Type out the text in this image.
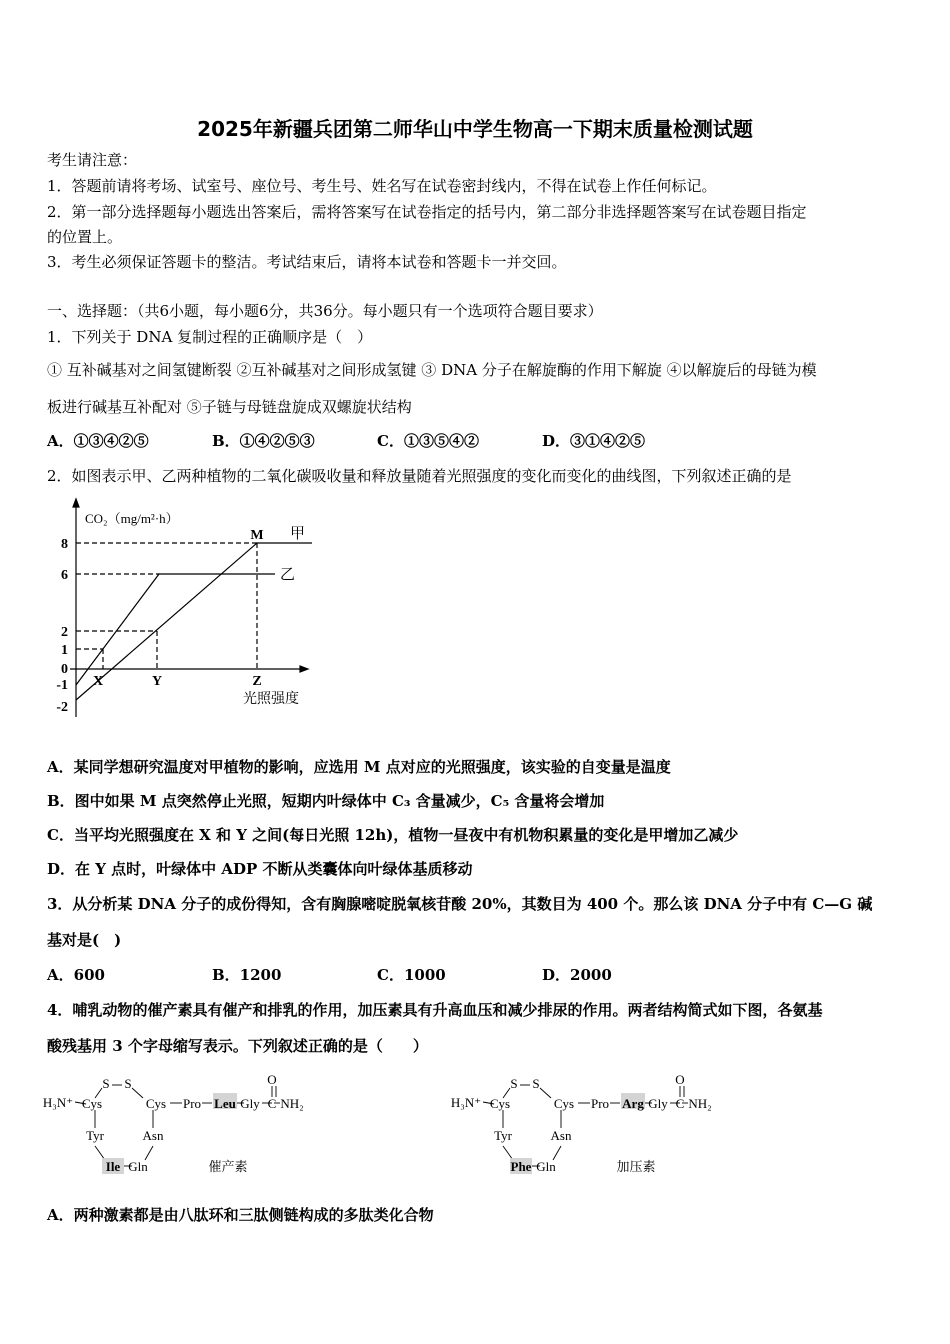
2025年新疆兵团第二师华山中学生物高一下期末质量检测试题
考生请注意：
1．答题前请将考场、试室号、座位号、考生号、姓名写在试卷密封线内，不得在试卷上作任何标记。
2．第一部分选择题每小题选出答案后，需将答案写在试卷指定的括号内，第二部分非选择题答案写在试卷题目指定
的位置上。
3．考生必须保证答题卡的整洁。考试结束后，请将本试卷和答题卡一并交回。
一、选择题：（共6小题，每小题6分，共36分。每小题只有一个选项符合题目要求）
1．下列关于 DNA 复制过程的正确顺序是（　）
① 互补碱基对之间氢键断裂 ②互补碱基对之间形成氢键 ③ DNA 分子在解旋酶的作用下解旋 ④以解旋后的母链为模
板进行碱基互补配对 ⑤子链与母链盘旋成双螺旋状结构
A．①③④②⑤	B．①④②⑤③	C．①③⑤④②	D．③①④②⑤
2．如图表示甲、乙两种植物的二氧化碳吸收量和释放量随着光照强度的变化而变化的曲线图，下列叙述正确的是
CO₂（mg/m²·h）
8
6
2
1
0
-1
-2
X	Y	Z
M 甲
乙
光照强度
A．某同学想研究温度对甲植物的影响，应选用 M 点对应的光照强度，该实验的自变量是温度
B．图中如果 M 点突然停止光照，短期内叶绿体中 C₃ 含量减少，C₅ 含量将会增加
C．当平均光照强度在 X 和 Y 之间(每日光照 12h)，植物一昼夜中有机物积累量的变化是甲增加乙减少
D．在 Y 点时，叶绿体中 ADP 不断从类囊体向叶绿体基质移动
3．从分析某 DNA 分子的成份得知，含有胸腺嘧啶脱氧核苷酸 20%，其数目为 400 个。那么该 DNA 分子中有 C—G 碱
基对是(　)
A．600	B．1200	C．1000	D．2000
4．哺乳动物的催产素具有催产和排乳的作用，加压素具有升高血压和减少排尿的作用。两者结构简式如下图，各氨基
酸残基用 3 个字母缩写表示。下列叙述正确的是（　　）
H₃N⁺ Cys
S S
Cys Pro Leu Gly C
O
NH₂
Tyr	Asn
Ile Gln	催产素
H₃N⁺ Cys
S S
Cys Pro Arg Gly C
O
NH₂
Tyr	Asn
Phe Gln	加压素
A．两种激素都是由八肽环和三肽侧链构成的多肽类化合物
